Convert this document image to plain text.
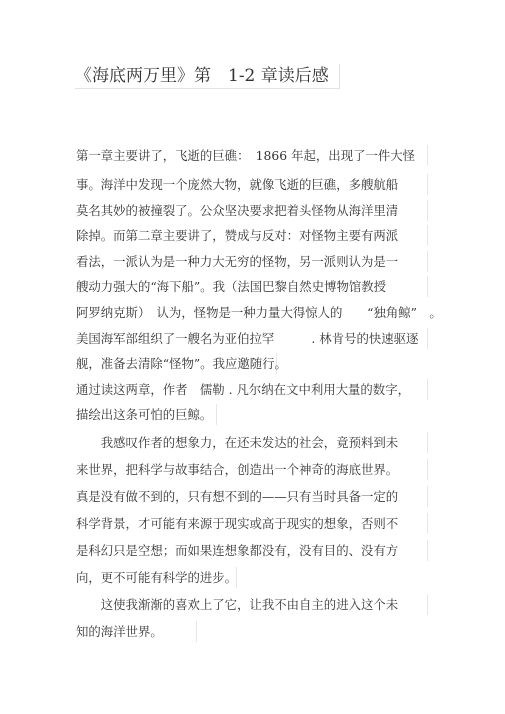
《海底两万里》第　1-2 章读后感
第一章主要讲了，飞逝的巨礁：　1866 年起，出现了一件大怪
事。海洋中发现一个庞然大物，就像飞逝的巨礁，多艘航船
莫名其妙的被撞裂了。公众坚决要求把着头怪物从海洋里清
除掉。而第二章主要讲了，赞成与反对：对怪物主要有两派
看法，一派认为是一种力大无穷的怪物，另一派则认为是一
艘动力强大的“海下船”。我（法国巴黎自然史博物馆教授
阿罗纳克斯）　认为，怪物是一种力量大得惊人的　　“独角鲸”　。
美国海军部组织了一艘名为亚伯拉罕　　　. 林肯号的快速驱逐
舰，准备去清除“怪物”。我应邀随行。
通过读这两章，作者　儒勒 . 凡尔纳在文中利用大量的数字，
描绘出这条可怕的巨鲸。
　　我感叹作者的想象力，在还未发达的社会，竟预料到未
来世界，把科学与故事结合，创造出一个神奇的海底世界。
真是没有做不到的，只有想不到的——只有当时具备一定的
科学背景，才可能有来源于现实或高于现实的想象，否则不
是科幻只是空想；而如果连想象都没有，没有目的、没有方
向，更不可能有科学的进步。
　　这使我渐渐的喜欢上了它，让我不由自主的进入这个未
知的海洋世界。
